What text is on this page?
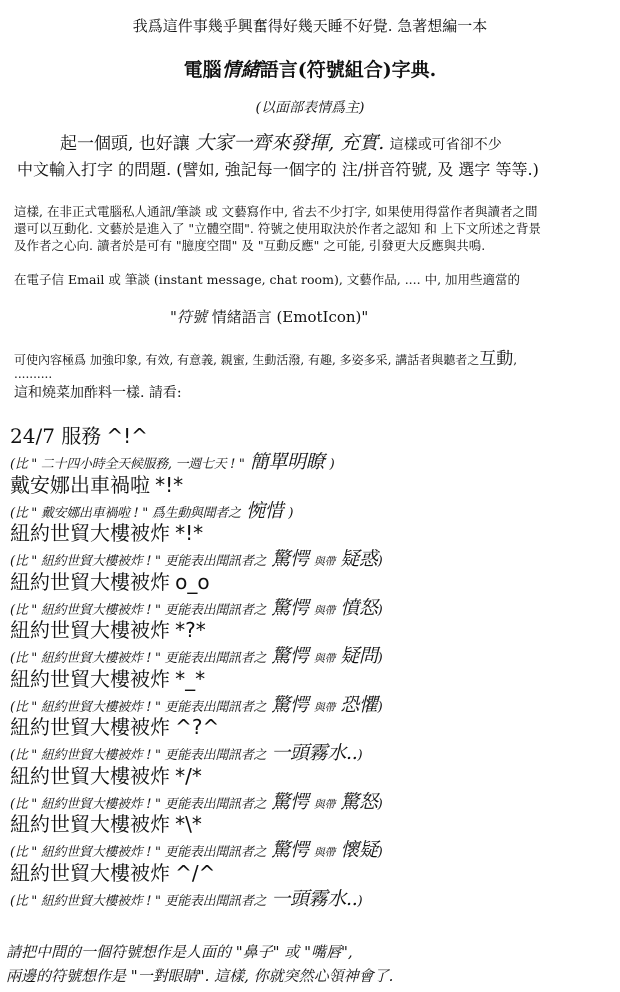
我爲這件事幾乎興奮得好幾天睡不好覺. 急著想編一本
電腦情緒語言(符號組合)字典.
(以面部表情爲主)
起一個頭, 也好讓 大家一齊來發揮, 充實. 這樣或可省卻不少
中文輸入打字 的問題. (譬如, 強記每一個字的 注/拼音符號, 及 選字 等等.)
這樣, 在非正式電腦私人通訊/筆談 或 文藝寫作中, 省去不少打字, 如果使用得當作者與讀者之間
還可以互動化. 文藝於是進入了 "立體空間". 符號之使用取決於作者之認知 和 上下文所述之背景
及作者之心向. 讀者於是可有 "臆度空間" 及 "互動反應" 之可能, 引發更大反應與共鳴.
在電子信 Email 或 筆談 (instant message, chat room), 文藝作品, .... 中, 加用些適當的
"符號 情緒語言 (EmotIcon)"
可使內容極爲 加強印象, 有效, 有意義, 親蜜, 生動活潑, 有趣, 多姿多采, 講話者與聽者之互動,
..........
這和燒菜加酢料一樣. 請看:
24/7 服務 ^!^
(比 " 二十四小時全天候服務, 一週七天 ! " 簡單明瞭 )
戴安娜出車禍啦 *!*
(比 " 戴安娜出車禍啦 ! " 爲生動與聞者之 惋惜 )
紐約世貿大樓被炸 *!*
(比 " 紐約世貿大樓被炸 ! " 更能表出聞訊者之 驚愕 與帶 疑惑)
紐約世貿大樓被炸 o_o
(比 " 紐約世貿大樓被炸 ! " 更能表出聞訊者之 驚愕 與帶 憤怒)
紐約世貿大樓被炸 *?*
(比 " 紐約世貿大樓被炸 ! " 更能表出聞訊者之 驚愕 與帶 疑問)
紐約世貿大樓被炸 *_*
(比 " 紐約世貿大樓被炸 ! " 更能表出聞訊者之 驚愕 與帶 恐懼)
紐約世貿大樓被炸 ^?^
(比 " 紐約世貿大樓被炸 ! " 更能表出聞訊者之 一頭霧水..)
紐約世貿大樓被炸 */*
(比 " 紐約世貿大樓被炸 ! " 更能表出聞訊者之 驚愕 與帶 驚怒)
紐約世貿大樓被炸 *\*
(比 " 紐約世貿大樓被炸 ! " 更能表出聞訊者之 驚愕 與帶 懷疑)
紐約世貿大樓被炸 ^/^
(比 " 紐約世貿大樓被炸 ! " 更能表出聞訊者之 一頭霧水..)
請把中間的一個符號想作是人面的 "鼻子" 或 "嘴唇",
兩邊的符號想作是 "一對眼睛". 這樣, 你就突然心領神會了.
